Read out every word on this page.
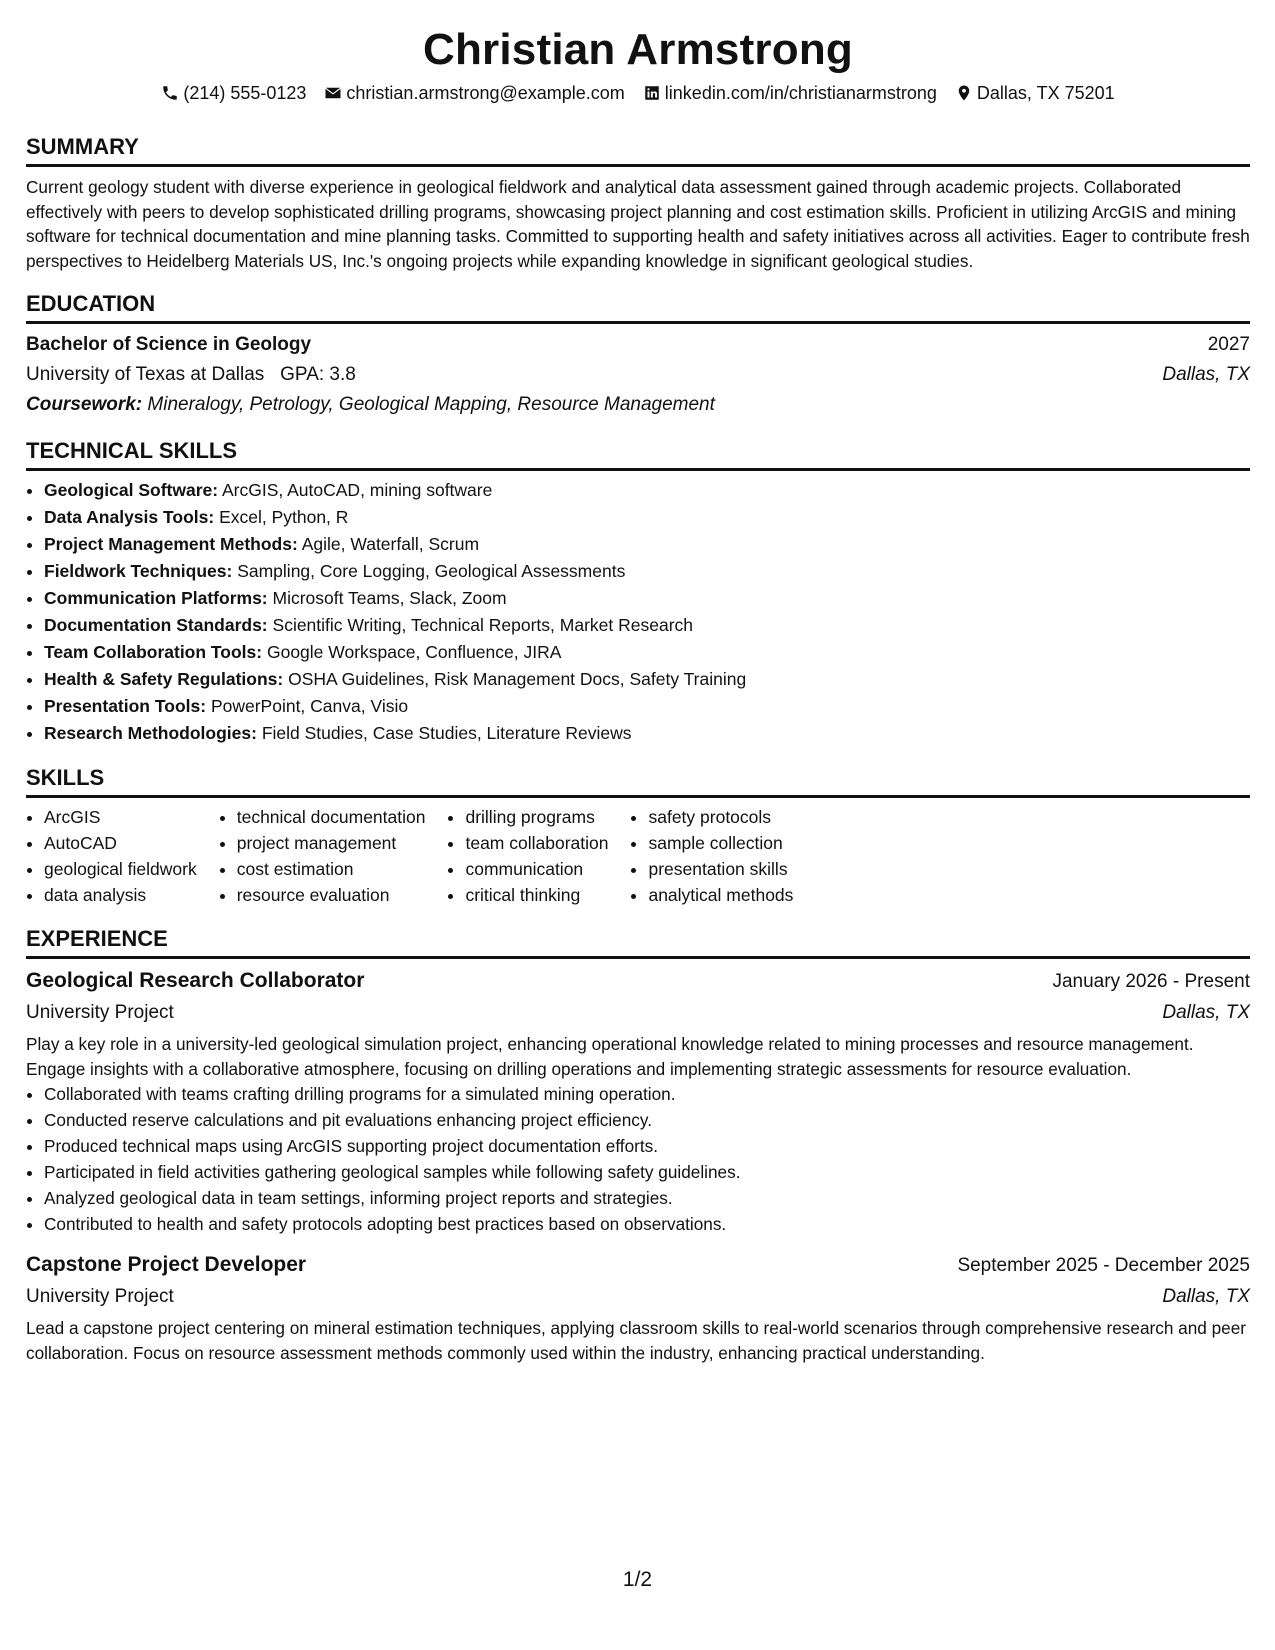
Christian Armstrong
(214) 555-0123 christian.armstrong@example.com linkedin.com/in/christianarmstrong Dallas, TX 75201
SUMMARY
Current geology student with diverse experience in geological fieldwork and analytical data assessment gained through academic projects. Collaborated effectively with peers to develop sophisticated drilling programs, showcasing project planning and cost estimation skills. Proficient in utilizing ArcGIS and mining software for technical documentation and mine planning tasks. Committed to supporting health and safety initiatives across all activities. Eager to contribute fresh perspectives to Heidelberg Materials US, Inc.'s ongoing projects while expanding knowledge in significant geological studies.
EDUCATION
Bachelor of Science in Geology	2027
University of Texas at Dallas GPA: 3.8	Dallas, TX
Coursework: Mineralogy, Petrology, Geological Mapping, Resource Management
TECHNICAL SKILLS
• Geological Software: ArcGIS, AutoCAD, mining software
• Data Analysis Tools: Excel, Python, R
• Project Management Methods: Agile, Waterfall, Scrum
• Fieldwork Techniques: Sampling, Core Logging, Geological Assessments
• Communication Platforms: Microsoft Teams, Slack, Zoom
• Documentation Standards: Scientific Writing, Technical Reports, Market Research
• Team Collaboration Tools: Google Workspace, Confluence, JIRA
• Health & Safety Regulations: OSHA Guidelines, Risk Management Docs, Safety Training
• Presentation Tools: PowerPoint, Canva, Visio
• Research Methodologies: Field Studies, Case Studies, Literature Reviews
SKILLS
• ArcGIS
• AutoCAD
• geological fieldwork
• data analysis
• technical documentation
• project management
• cost estimation
• resource evaluation
• drilling programs
• team collaboration
• communication
• critical thinking
• safety protocols
• sample collection
• presentation skills
• analytical methods
EXPERIENCE
Geological Research Collaborator	January 2026 - Present
University Project	Dallas, TX
Play a key role in a university-led geological simulation project, enhancing operational knowledge related to mining processes and resource management. Engage insights with a collaborative atmosphere, focusing on drilling operations and implementing strategic assessments for resource evaluation.
• Collaborated with teams crafting drilling programs for a simulated mining operation.
• Conducted reserve calculations and pit evaluations enhancing project efficiency.
• Produced technical maps using ArcGIS supporting project documentation efforts.
• Participated in field activities gathering geological samples while following safety guidelines.
• Analyzed geological data in team settings, informing project reports and strategies.
• Contributed to health and safety protocols adopting best practices based on observations.
Capstone Project Developer	September 2025 - December 2025
University Project	Dallas, TX
Lead a capstone project centering on mineral estimation techniques, applying classroom skills to real-world scenarios through comprehensive research and peer collaboration. Focus on resource assessment methods commonly used within the industry, enhancing practical understanding.
1/2
